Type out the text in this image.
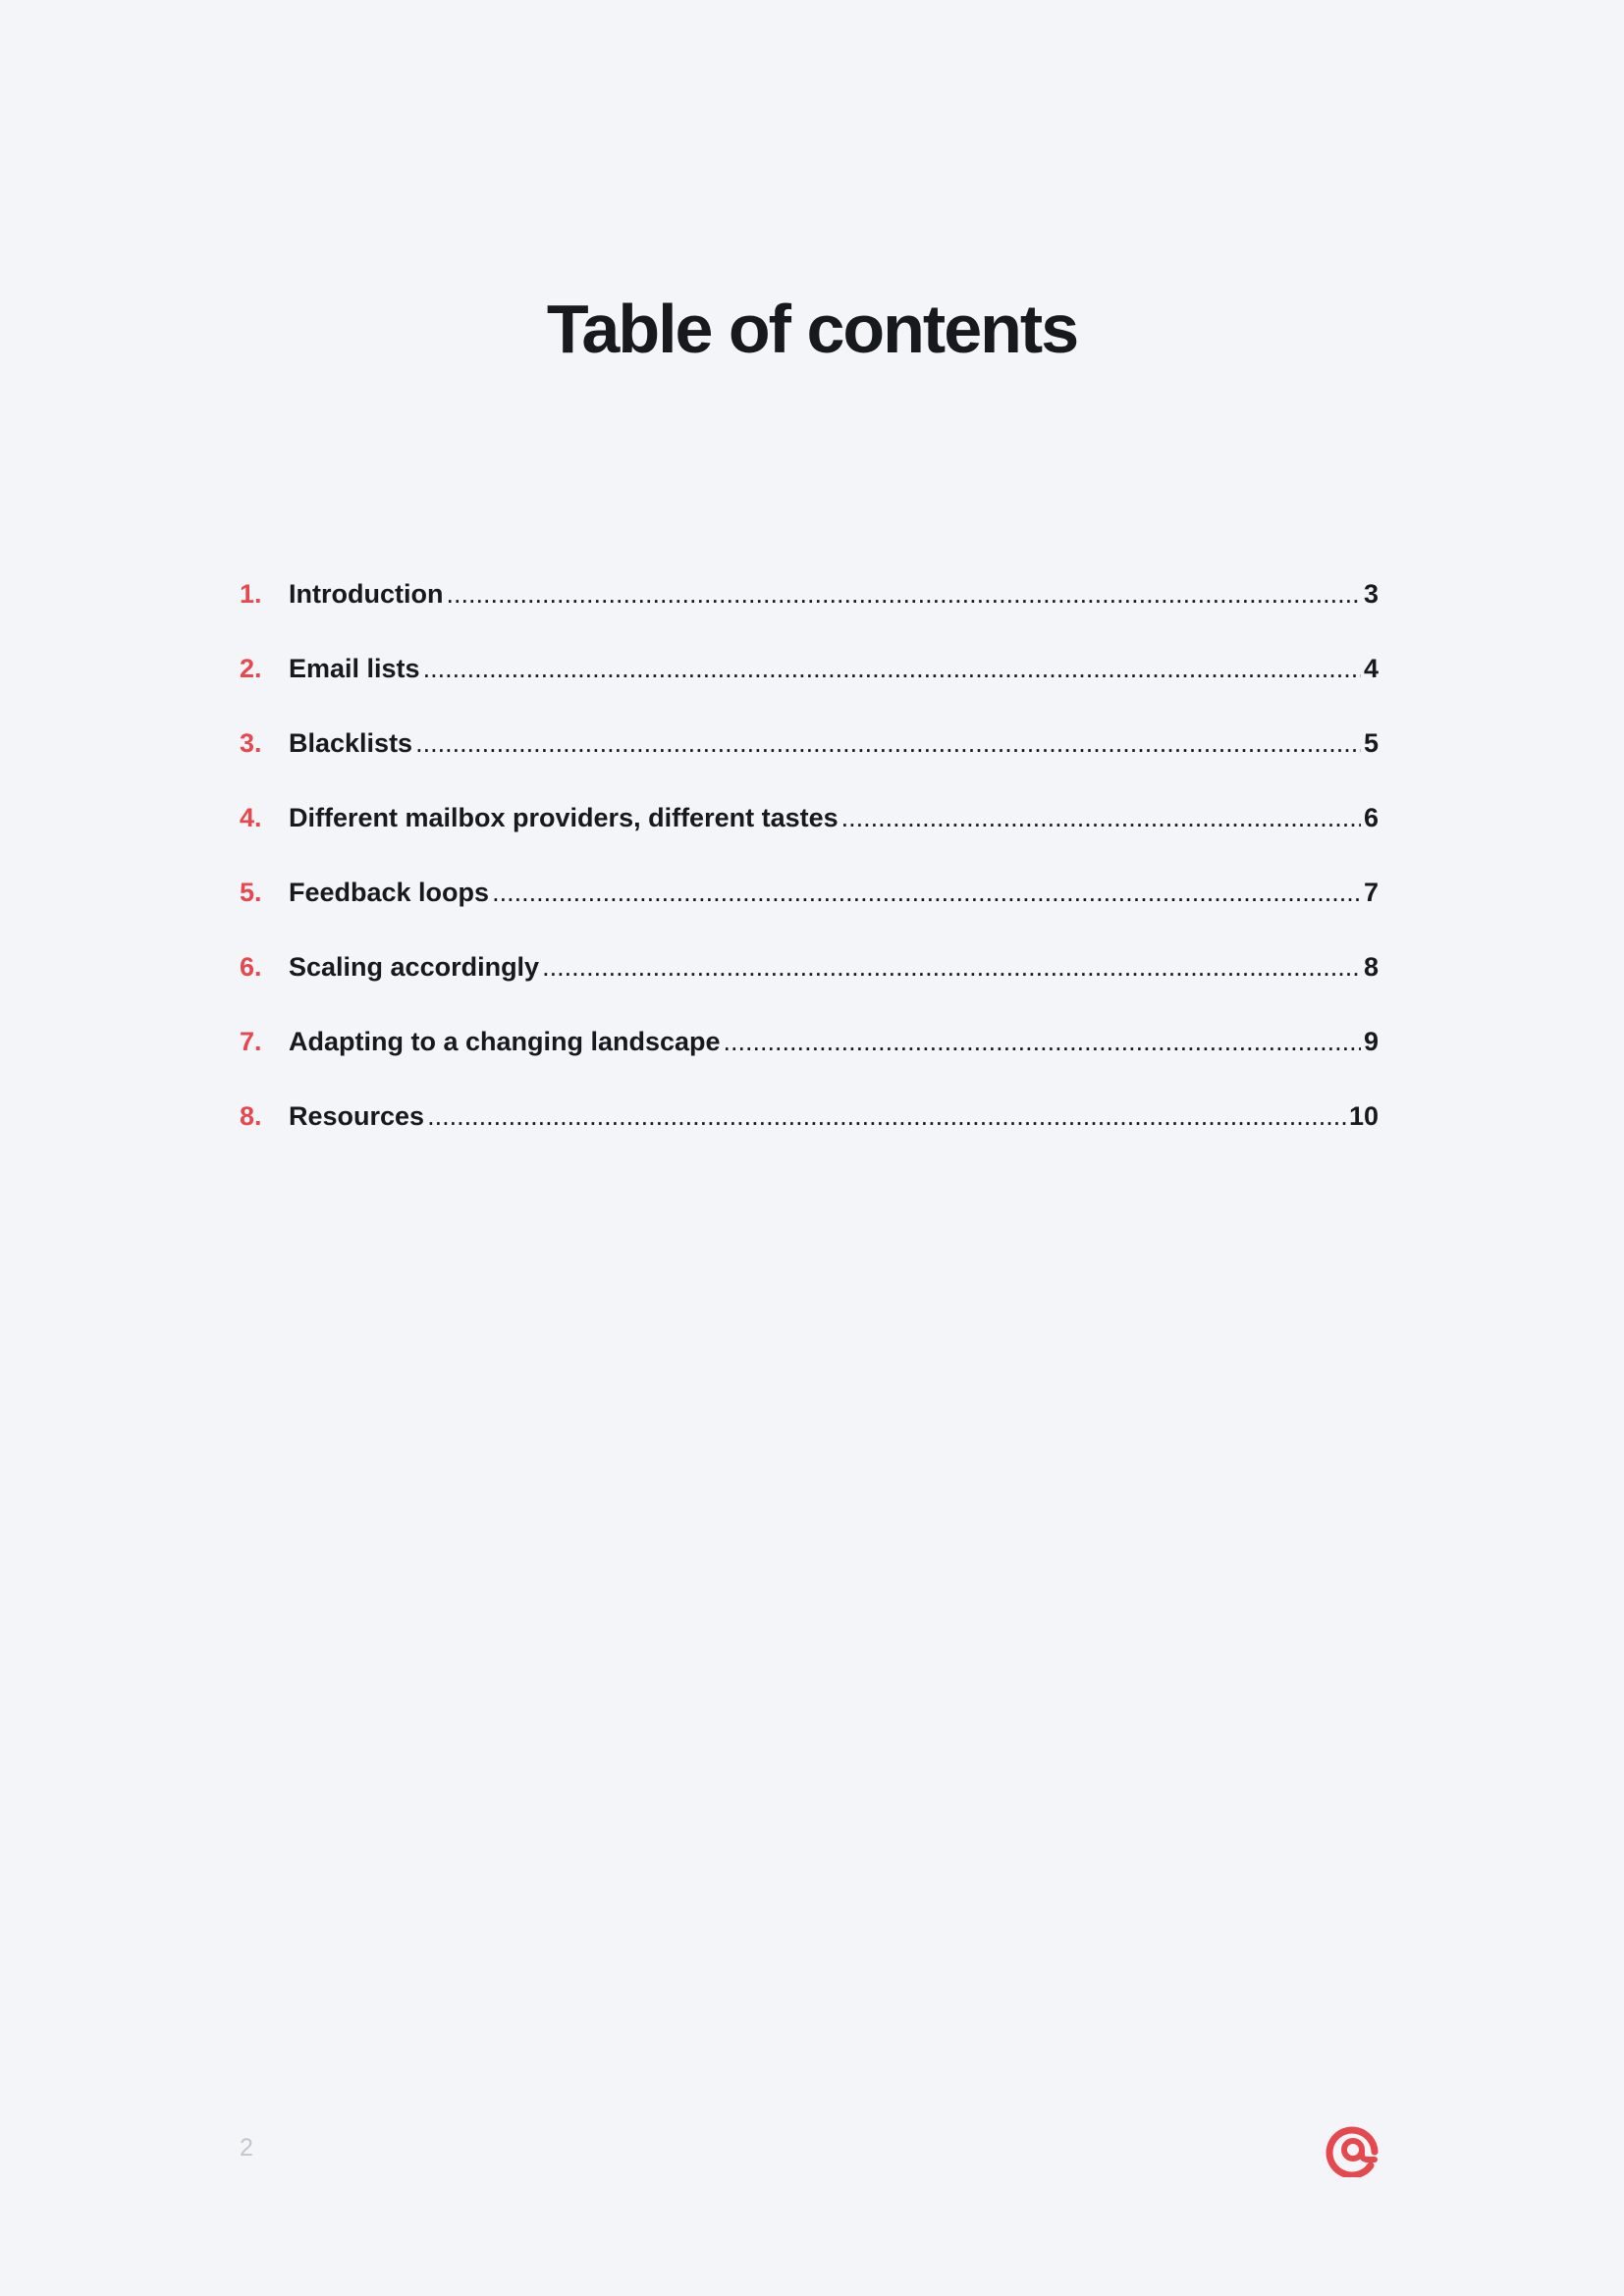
Table of contents
1.	Introduction .....	3
2.	Email lists .....	4
3.	Blacklists .....	5
4.	Different mailbox providers, different tastes .....	6
5.	Feedback loops .....	7
6.	Scaling accordingly .....	8
7.	Adapting to a changing landscape .....	9
8.	Resources .....	10
2
